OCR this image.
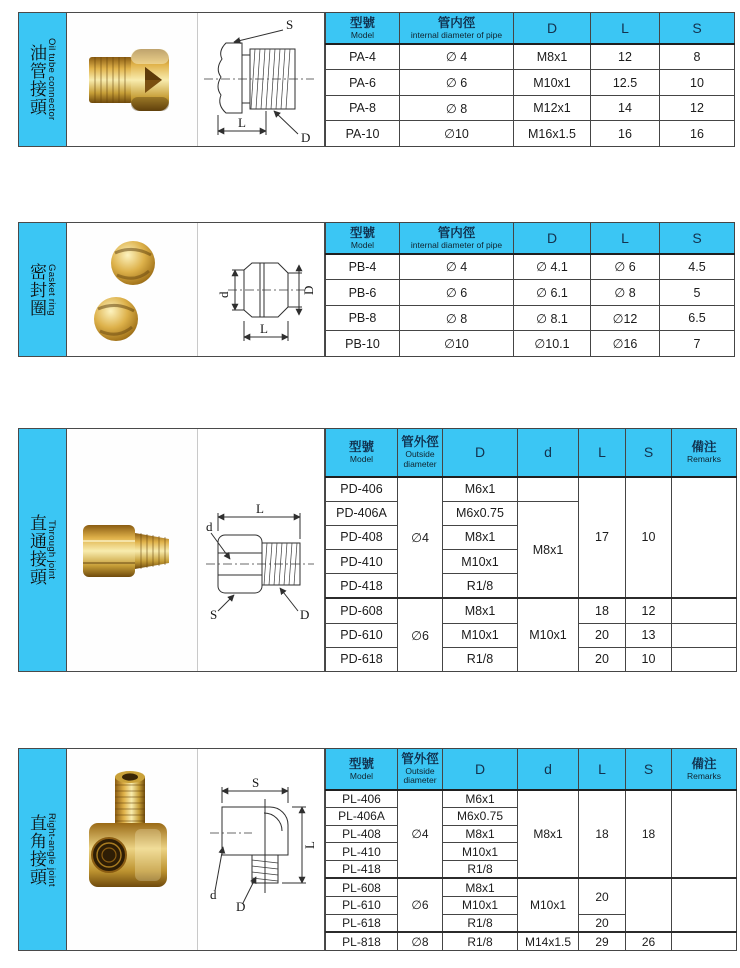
油管接頭 Oil tube connector
S
L
D
型號
Model

管内徑
internal diameter of pipe	D	L	S
PA-4	∅ 4	M8x1	12	8
PA-6	∅ 6	M10x1	12.5	10
PA-8	∅ 8	M12x1	14	12
PA-10	∅10	M16x1.5	16	16
密封圈 Gasket ring	d	D
L
型號
Model

管内徑
internal diameter of pipe	D	L	S
PB-4	∅ 4	∅ 4.1	∅ 6	4.5
PB-6	∅ 6	∅ 6.1	∅ 8	5
PB-8	∅ 8	∅ 8.1	∅12	6.5
PB-10	∅10	∅10.1	∅16	7
直通接頭 Through joint
L
d
S	D
型號
Model

管外徑
Outside diameter
	D	d	L	S	備注
Remarks

PD-406	∅4	M6x1		17	10	
PD-406A		M6x0.75	M8x1			
PD-408		M8x1				
PD-410		M10x1				
PD-418		R1/8				
PD-608	∅6	M8x1	M10x1	18	12	
PD-610		M10x1		20	13	
PD-618		R1/8		20	10	
直角接頭 Right-angle joint
S
L
d
D
型號
Model

管外徑
Outside diameter
	D	d	L	S	備注
Remarks

PL-406	∅4	M6x1	M8x1	18	18	
PL-406A		M6x0.75				
PL-408		M8x1				
PL-410		M10x1				
PL-418		R1/8				
PL-608	∅6	M8x1	M10x1	20		
PL-610		M10x1				
PL-618		R1/8		20		
PL-818	∅8	R1/8	M14x1.5	29	26	
